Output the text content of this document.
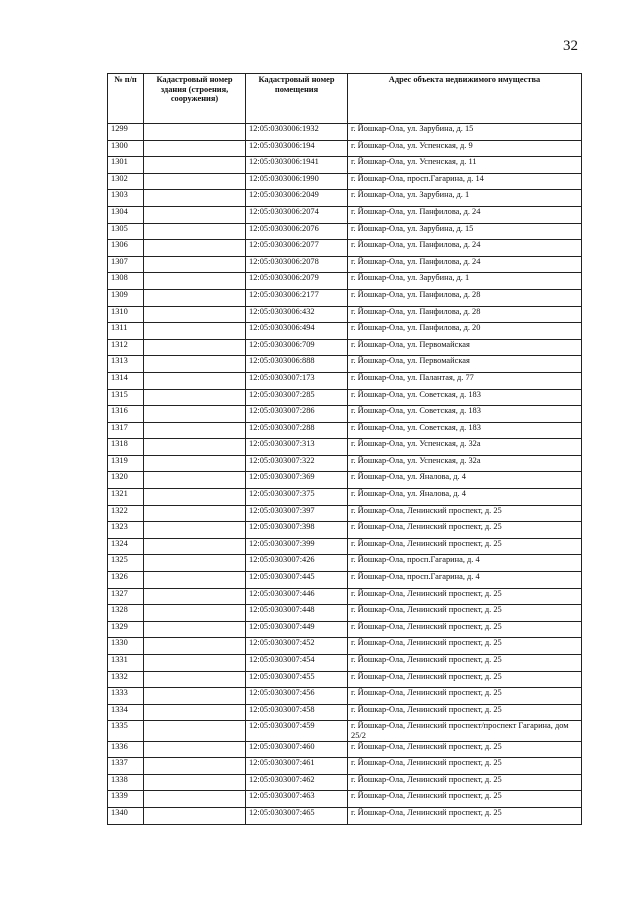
32
№ п/п	Кадастровый номер здания (строения, сооружения)	Кадастровый номер помещения	Адрес объекта недвижимого имущества
1299		12:05:0303006:1932	г. Йошкар-Ола, ул. Зарубина, д. 15
1300		12:05:0303006:194	г. Йошкар-Ола, ул. Успенская, д. 9
1301		12:05:0303006:1941	г. Йошкар-Ола, ул. Успенская, д. 11
1302		12:05:0303006:1990	г. Йошкар-Ола, просп.Гагарина, д. 14
1303		12:05:0303006:2049	г. Йошкар-Ола, ул. Зарубина, д. 1
1304		12:05:0303006:2074	г. Йошкар-Ола, ул. Панфилова, д. 24
1305		12:05:0303006:2076	г. Йошкар-Ола, ул. Зарубина, д. 15
1306		12:05:0303006:2077	г. Йошкар-Ола, ул. Панфилова, д. 24
1307		12:05:0303006:2078	г. Йошкар-Ола, ул. Панфилова, д. 24
1308		12:05:0303006:2079	г. Йошкар-Ола, ул. Зарубина, д. 1
1309		12:05:0303006:2177	г. Йошкар-Ола, ул. Панфилова, д. 28
1310		12:05:0303006:432	г. Йошкар-Ола, ул. Панфилова, д. 28
1311		12:05:0303006:494	г. Йошкар-Ола, ул. Панфилова, д. 20
1312		12:05:0303006:709	г. Йошкар-Ола, ул. Первомайская
1313		12:05:0303006:888	г. Йошкар-Ола, ул. Первомайская
1314		12:05:0303007:173	г. Йошкар-Ола, ул. Палантая, д. 77
1315		12:05:0303007:285	г. Йошкар-Ола, ул. Советская, д. 183
1316		12:05:0303007:286	г. Йошкар-Ола, ул. Советская, д. 183
1317		12:05:0303007:288	г. Йошкар-Ола, ул. Советская, д. 183
1318		12:05:0303007:313	г. Йошкар-Ола, ул. Успенская, д. 32а
1319		12:05:0303007:322	г. Йошкар-Ола, ул. Успенская, д. 32а
1320		12:05:0303007:369	г. Йошкар-Ола, ул. Яналова, д. 4
1321		12:05:0303007:375	г. Йошкар-Ола, ул. Яналова, д. 4
1322		12:05:0303007:397	г. Йошкар-Ола, Ленинский проспект, д. 25
1323		12:05:0303007:398	г. Йошкар-Ола, Ленинский проспект, д. 25
1324		12:05:0303007:399	г. Йошкар-Ола, Ленинский проспект, д. 25
1325		12:05:0303007:426	г. Йошкар-Ола, просп.Гагарина, д. 4
1326		12:05:0303007:445	г. Йошкар-Ола, просп.Гагарина, д. 4
1327		12:05:0303007:446	г. Йошкар-Ола, Ленинский проспект, д. 25
1328		12:05:0303007:448	г. Йошкар-Ола, Ленинский проспект, д. 25
1329		12:05:0303007:449	г. Йошкар-Ола, Ленинский проспект, д. 25
1330		12:05:0303007:452	г. Йошкар-Ола, Ленинский проспект, д. 25
1331		12:05:0303007:454	г. Йошкар-Ола, Ленинский проспект, д. 25
1332		12:05:0303007:455	г. Йошкар-Ола, Ленинский проспект, д. 25
1333		12:05:0303007:456	г. Йошкар-Ола, Ленинский проспект, д. 25
1334		12:05:0303007:458	г. Йошкар-Ола, Ленинский проспект, д. 25
1335		12:05:0303007:459	г. Йошкар-Ола, Ленинский проспект/проспект Гагарина, дом 25/2
1336		12:05:0303007:460	г. Йошкар-Ола, Ленинский проспект, д. 25
1337		12:05:0303007:461	г. Йошкар-Ола, Ленинский проспект, д. 25
1338		12:05:0303007:462	г. Йошкар-Ола, Ленинский проспект, д. 25
1339		12:05:0303007:463	г. Йошкар-Ола, Ленинский проспект, д. 25
1340		12:05:0303007:465	г. Йошкар-Ола, Ленинский проспект, д. 25
